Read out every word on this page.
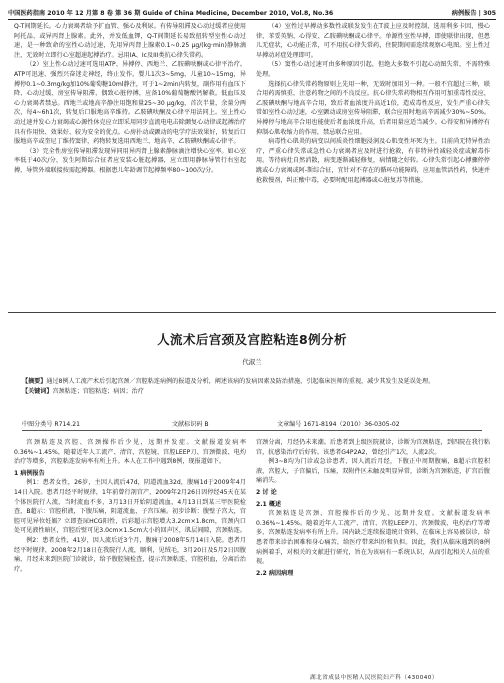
中国医药指南 2010 年 12 月第 8 卷 第 36 期 Guide of China Medicine, December 2010, Vol.8, No.36	病例报告 | 305

Q-T间期延长。心力衰竭者给予扩血管、强心及利尿。有传导阻滞及心动过缓者应使用阿托品、或异丙肾上腺素。此外，并发低血钾，Q-T间期延长易致扭转型室性心动过速，是一种致命的室性心动过速，先用异丙肾上腺素0.1~0.25 μg/(kg·min)静脉滴注，无效时立即行心室超速起搏治疗。忌用IA、Ic及III类抗心律失常药。

（2）室上性心动过速可选用ATP、异搏停、西地兰、乙胺碘呋酮或心律平治疗。ATP可迅速、强烈兴奋迷走神经，终止发作，婴儿1次3~5mg，儿童10~15mg，异搏停0.1~0.3mg/kg加10%葡萄糖10ml静注，可于1~2min内转复，副作用有血压下降、心动过缓、房室传导阻滞，偶致心脏停搏，应备10%葡萄糖酸钙解救。低血压及心力衰竭者禁忌。西地兰或地高辛静注用饱和量25~30 μg/kg，首次半量，余量分两次，每4~6h1次，转复后口服地高辛维持。乙胺碘呋酮及心律平用法同上。室上性心动过速并发心力衰竭或心源性休克应立即采用同步直流电电击除颤复心动律或起搏治疗具有作用快、效果好、较为安全的优点。心房扑动或颤动的电学疗法效果好，转复后口服地高辛或奎尼丁维持窦律，药物转复选用西地兰、地高辛、乙胺碘呋酮或心律平。

（3）完全性房室传导阻滞发现异同用异丙肾上腺素静脉滴注增快心室率。如心室率低于40次/分，发生阿斯综合征者应安装心脏起搏器，应立即用静脉导管行右室起搏，导管外端联接按需起搏器。根据患儿年龄调节起搏频率80~100次/分。

（4）室性过早搏动多数性或联发发生在T波上应及时控制，选用利多卡因、慢心律、苯妥英钠、心得安、乙胺碘呋酮或心律平。单源性室性早搏，即使联律出现，但患儿无症状，心功能正常，可不用抗心律失常药，住院期间需连续观察心电图。室上性过早搏动对症处理即可。

（5）窦性心动过速可由多种原因引起，但绝大多数不引起心动图失常，不需特殊处理。

选择抗心律失常药物原则上先用一种，无效时加用另一种。一般不宜超过三种，联合用药需慎重，注意药物之间的不良反应。抗心律失常药物相互作用可加重毒性反应，乙胺碘呋酮与地高辛合用，致后者血浓度升高近1倍，造成毒性反应，发生严重心律失常如室性心动过速，心室颤动或房室传导阻滞，联合应用时地高辛需减少30%~50%。异搏停与地高辛合用也能使后者血浓度升高，后者用量应适当减少。心得安和异搏停有抑制心肌收缩力的作用，禁忌联合应用。

病毒性心肌炎的病变以间质炎性细胞浸润及心肌变性坏死为主。目前尚无特异性治疗，严重心律失常或急性心力衰竭者应及时进行抢救，有非特异性减轻炎症或解毒作用。等待病灶自然消散，病变逐渐减轻修复，病情随之好转。心律失常引起心搏骤停停跳或心力衰竭或阿-斯综合征，宜针对不存在的循环功能障碍，应用血管活性药，快速并抢救慢剂，纠正酸中毒，必要时配用起搏器或心脏复苏等措施。

人流术后宫颈及宫腔粘连8例分析
代淑兰
【摘要】通过8例人工流产术后引起宫颈／宫腔粘连病例的报道及分析，阐述该病的发病因素及防治措施，引起临床医师的重视，减少其发生及延误处理。
【关键词】宫颈粘连；宫腔粘连；病因；治疗
中图分类号 R714.21	文献标识码 B	文章编号 1671-8194（2010）36-0305-02

宫颈粘连及宫腔、宫颈操作后少见，远期并发症。文献报道发病率0.36%~1.45%，随着近年人工流产、清宫、宫腔镜、宫腔LEEP刀、宫颈微波、电灼治疗等增多，宫腔粘连发病率有所上升。本人在工作中遇到8例，现报道如下。

1 病例报告

例1：患者女性，26岁，主因人流后47d，阴道流血32d，腹痛1d于2009年4月14日入院。患者月经平时规律，1年前曾行剖宫产，2009年2月26日因停经45天在某个体医院行人流，当时流血不多，3月13日开始阴道流血，4月13日到某三甲医院检查，B超示：宫腔积液，下腹压痛，阴道流血，子宫压痛。初步诊断：腹壁子宫大，宫腔可见异位妊娠？立即查尿HCG阳性，后彩超示宫腔增大3.2cm×1.8cm，宫颈内口处可见液性暗区，宫腔后壁可见3.0cm×1.5cm大小的回声区，肌层间隙，宫颈粘连。

例2：患者女性，41岁，因人流后近3个月，腹痛于2008年5月14日入院。患者月经平时规律，2008年2月18日在我院行人流，顺利，见绒毛，3月20日及5月2日因腹痛、月经未来到医院门诊就诊，给予腹腔镜检查，提示宫颈粘连、宫腔积血，分离后治疗。

宫颈分离，月经仍未来潮。后患者到上级医院就诊，诊断为宫颈粘连，到四院在我行粘宫，抗感染治疗后好转。该患者G4P2A2，曾经引产1次，人流2次。

例3~8均为门诊或急诊患者，因人流后月经，下腹正中周期腹痛，B超示宫腔积液，宫腔大，子宫偏后，压痛，双附件区未触及明显异常，诊断为宫颈粘连，扩宫后腹痛消失。

2 讨 论

2.1 概述

宫颈粘连是宫颈、宫腔操作后的少见、远期并发症。文献报道发病率0.36%~1.45%。随着近年人工流产、清宫、宫腔LEEP刀、宫颈微波、电灼治疗等增多，宫颈粘连发病率有所上升。国内缺乏连续报道统计资料，在临床上容易被误诊，给患者带来诊治困难和身心痛苦，给医疗带来纠纷和负担。因此，我们从临床遇到的8例病例着手，对相关的文献进行研究，旨在为该病有一系统认识，从而引起相关人员的重视。

2.2 病因病理

湖北省成县中医精人民医院妇产科（430040）
